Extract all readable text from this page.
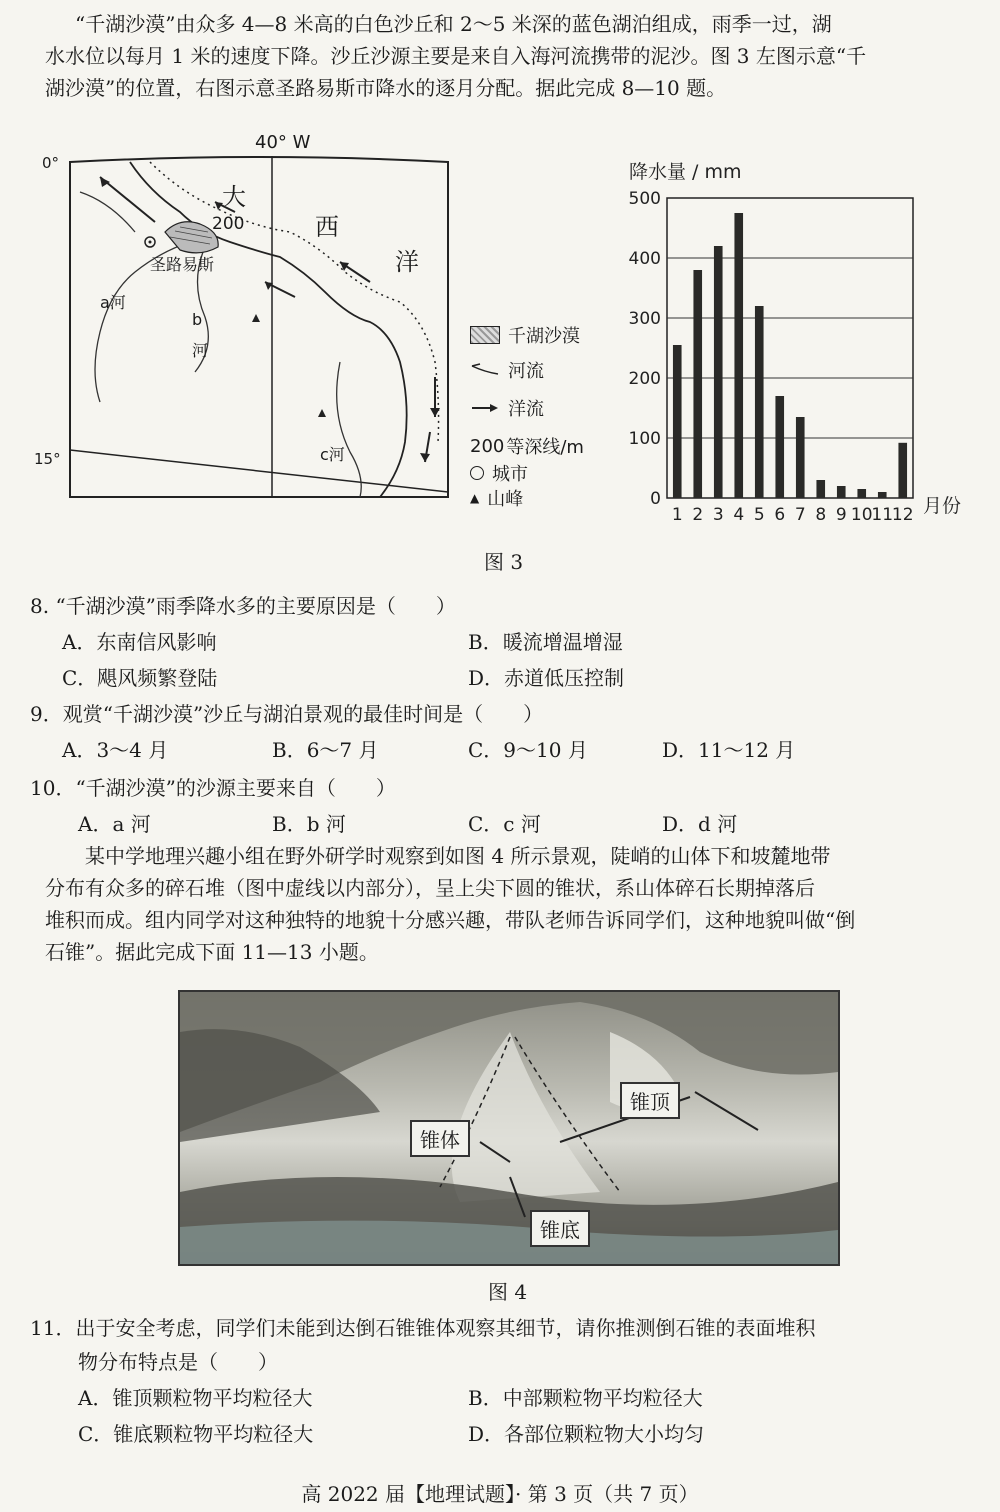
“千湖沙漠”由众多 4—8 米高的白色沙丘和 2～5 米深的蓝色湖泊组成，雨季一过，湖

水水位以每月 1 米的速度下降。沙丘沙源主要是来自入海河流携带的泥沙。图 3 左图示意“千

湖沙漠”的位置，右图示意圣路易斯市降水的逐月分配。据此完成 8—10 题。

40° W
0°
15°
大
西
洋
200
圣路易斯
a河
b
河
c河
千湖沙漠
河流
洋流
200 等深线/m
城市
▲ 山峰	0
100
200
300
400
500
1 2 3 4 5 6 7 8 9 10
11
12
降水量 / mm
月份
图 3
8. “千湖沙漠”雨季降水多的主要原因是（　　）
A．东南信风影响	B．暖流增温增湿
C．飓风频繁登陆	D．赤道低压控制
9．观赏“千湖沙漠”沙丘与湖泊景观的最佳时间是（　　）
A．3～4 月	B．6～7 月	C．9～10 月	D．11～12 月
10．“千湖沙漠”的沙源主要来自（　　）
A．a 河	B．b 河	C．c 河	D．d 河

　　某中学地理兴趣小组在野外研学时观察到如图 4 所示景观，陡峭的山体下和坡麓地带

分布有众多的碎石堆（图中虚线以内部分），呈上尖下圆的锥状，系山体碎石长期掉落后

堆积而成。组内同学对这种独特的地貌十分感兴趣，带队老师告诉同学们，这种地貌叫做“倒

石锥”。据此完成下面 11—13 小题。

锥顶
锥体
锥底
图 4
11．出于安全考虑，同学们未能到达倒石锥锥体观察其细节，请你推测倒石锥的表面堆积
物分布特点是（　　）
A．锥顶颗粒物平均粒径大	B．中部颗粒物平均粒径大
C．锥底颗粒物平均粒径大	D．各部位颗粒物大小均匀
高 2022 届【地理试题】· 第 3 页（共 7 页）
